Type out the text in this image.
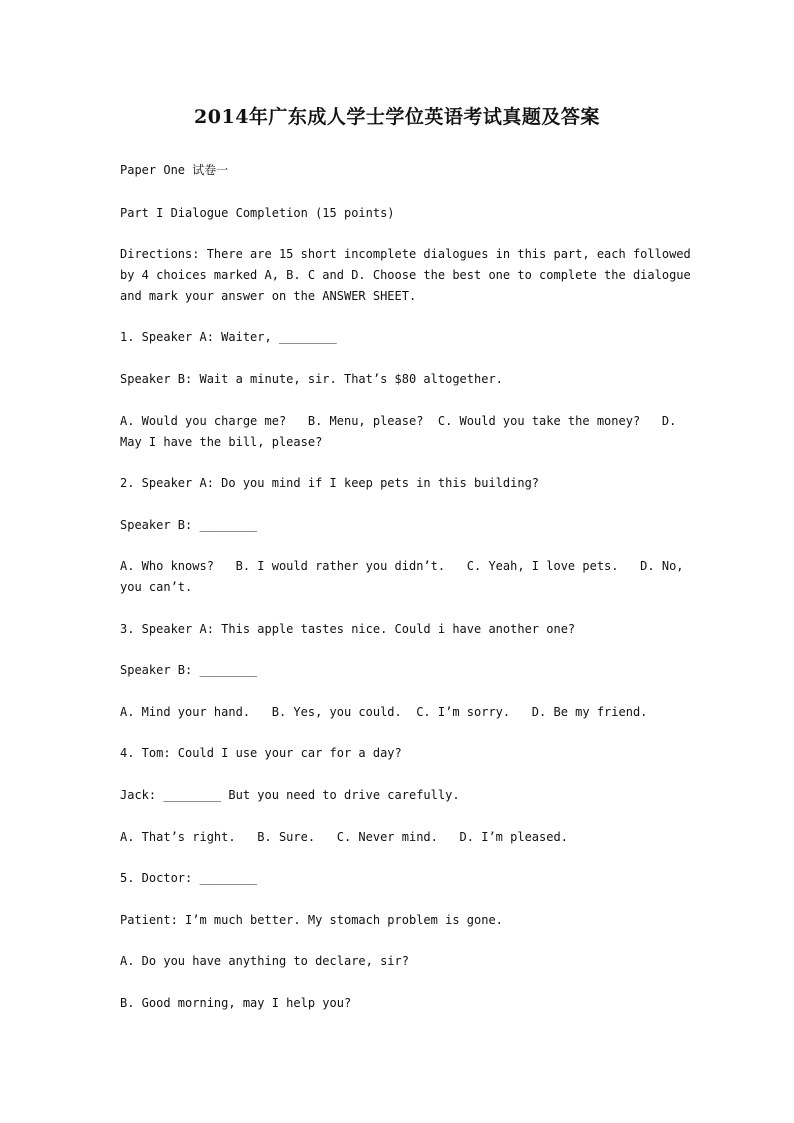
2014年广东成人学士学位英语考试真题及答案
Paper One 试卷一
Part I Dialogue Completion (15 points)
Directions: There are 15 short incomplete dialogues in this part, each followed
by 4 choices marked A, B. C and D. Choose the best one to complete the dialogue
and mark your answer on the ANSWER SHEET.
1. Speaker A: Waiter, ________
Speaker B: Wait a minute, sir. That’s $80 altogether.
A. Would you charge me?   B. Menu, please?  C. Would you take the money?   D.
May I have the bill, please?
2. Speaker A: Do you mind if I keep pets in this building?
Speaker B: ________
A. Who knows?   B. I would rather you didn’t.   C. Yeah, I love pets.   D. No,
you can’t.
3. Speaker A: This apple tastes nice. Could i have another one?
Speaker B: ________
A. Mind your hand.   B. Yes, you could.  C. I’m sorry.   D. Be my friend.
4. Tom: Could I use your car for a day?
Jack: ________ But you need to drive carefully.
A. That’s right.   B. Sure.   C. Never mind.   D. I’m pleased.
5. Doctor: ________
Patient: I’m much better. My stomach problem is gone.
A. Do you have anything to declare, sir?
B. Good morning, may I help you?
